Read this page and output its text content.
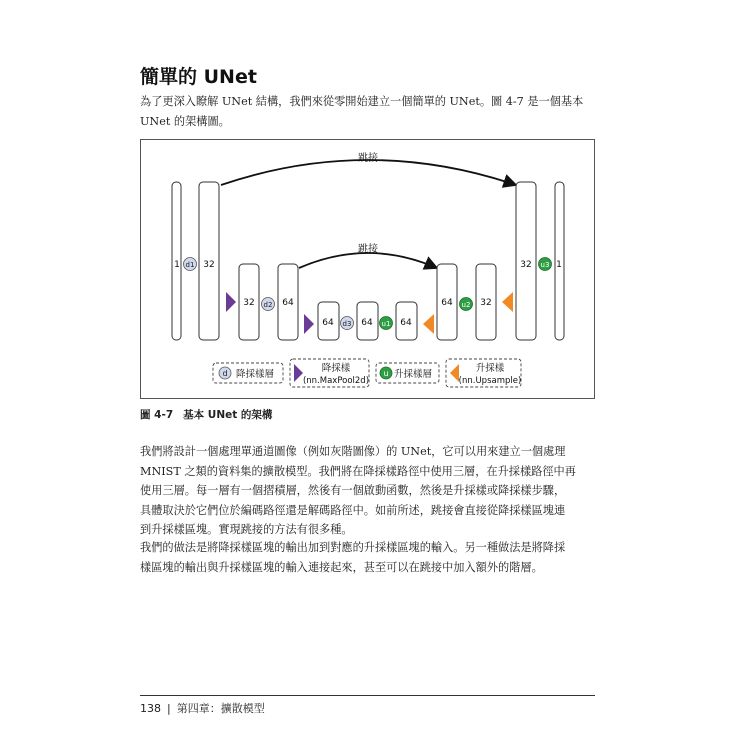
簡單的 UNet
為了更深入瞭解 UNet 結構，我們來從零開始建立一個簡單的 UNet。圖 4-7 是一個基本
UNet 的架構圖。
跳接
跳接
1 d1 32
32 d2 64
64 d3 64 u1 64
64 u2 32
32 u3 1
d 降採樣層
降採樣
(nn.MaxPool2d)
u 升採樣層
升採樣
(nn.Upsample)
圖 4-7 基本 UNet 的架構
我們將設計一個處理單通道圖像（例如灰階圖像）的 UNet，它可以用來建立一個處理
MNIST 之類的資料集的擴散模型。我們將在降採樣路徑中使用三層，在升採樣路徑中再
使用三層。每一層有一個摺積層，然後有一個啟動函數，然後是升採樣或降採樣步驟，
具體取決於它們位於編碼路徑還是解碼路徑中。如前所述，跳接會直接從降採樣區塊連
到升採樣區塊。實現跳接的方法有很多種。
我們的做法是將降採樣區塊的輸出加到對應的升採樣區塊的輸入。另一種做法是將降採
樣區塊的輸出與升採樣區塊的輸入連接起來，甚至可以在跳接中加入額外的階層。
138 | 第四章：擴散模型
